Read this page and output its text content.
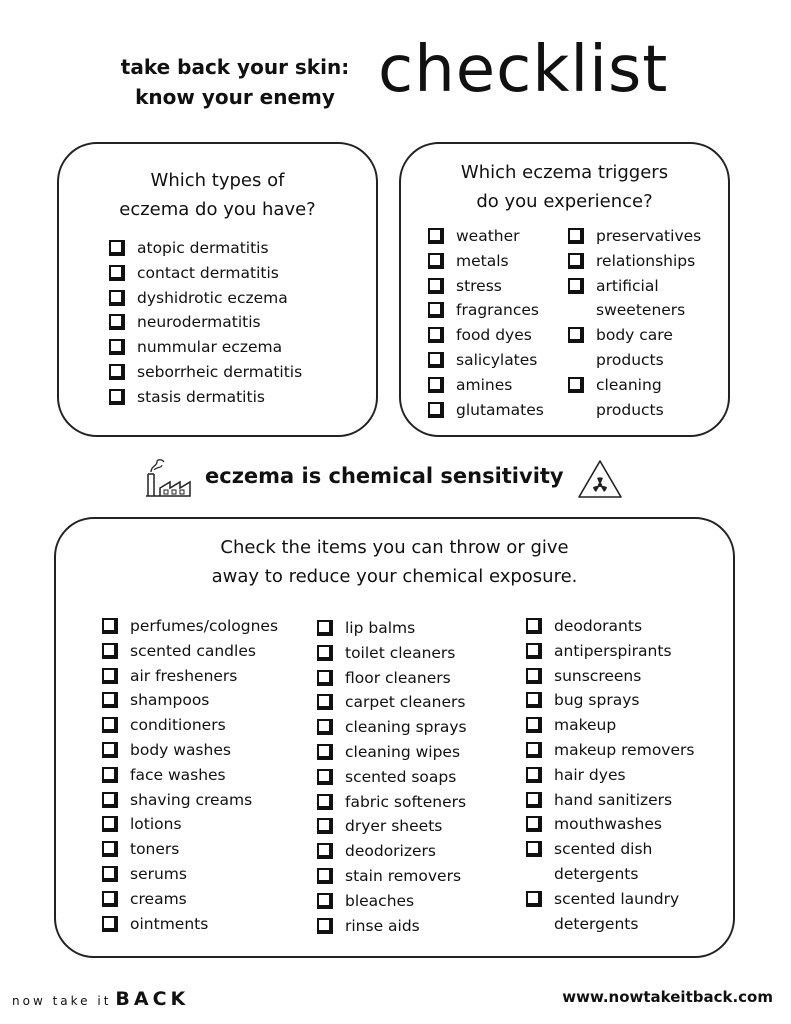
take back your skin:
know your enemy checklist
Which types of
eczema do you have?
atopic dermatitis
contact dermatitis
dyshidrotic eczema
neurodermatitis
nummular eczema
seborrheic dermatitis
stasis dermatitis
Which eczema triggers
do you experience?
weather
metals
stress
fragrances
food dyes
salicylates
amines
glutamates
preservatives
relationships
artificial
sweeteners
body care
products
cleaning
products
eczema is chemical sensitivity
Check the items you can throw or give
away to reduce your chemical exposure.
perfumes/colognes
scented candles
air fresheners
shampoos
conditioners
body washes
face washes
shaving creams
lotions
toners
serums
creams
ointments
lip balms
toilet cleaners
floor cleaners
carpet cleaners
cleaning sprays
cleaning wipes
scented soaps
fabric softeners
dryer sheets
deodorizers
stain removers
bleaches
rinse aids
deodorants
antiperspirants
sunscreens
bug sprays
makeup
makeup removers
hair dyes
hand sanitizers
mouthwashes
scented dish
detergents
scented laundry
detergents
now take it BACK	www.nowtakeitback.com
